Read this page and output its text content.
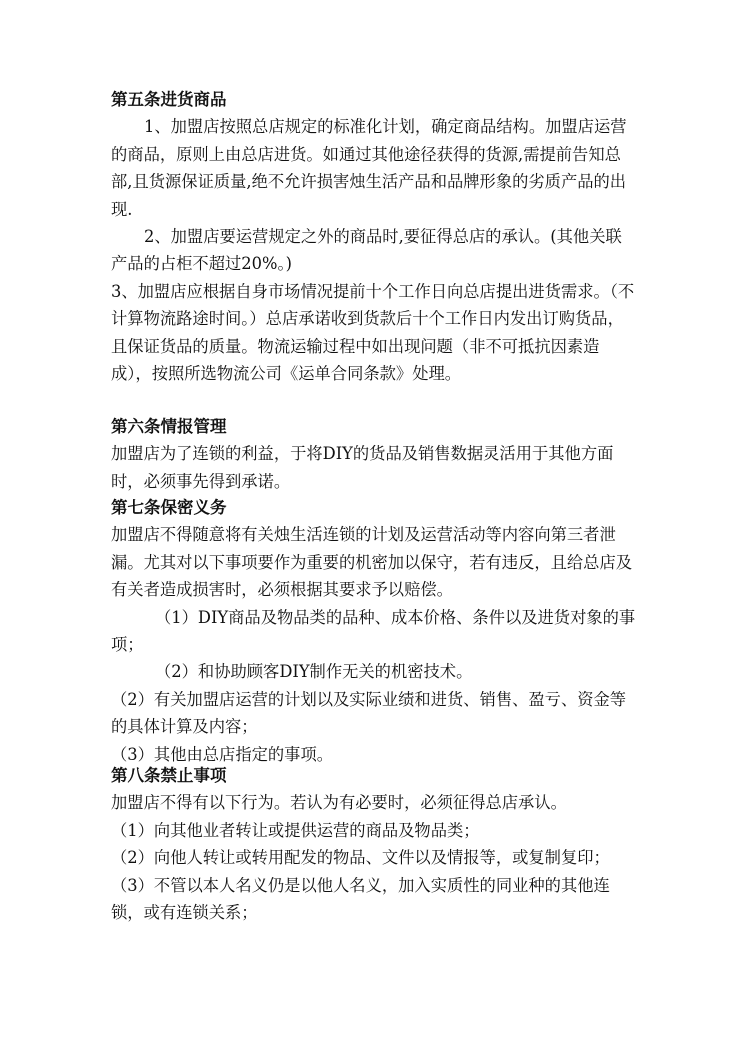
第五条进货商品

1、加盟店按照总店规定的标准化计划，确定商品结构。加盟店运营的商品，原则上由总店进货。如通过其他途径获得的货源,需提前告知总部,且货源保证质量,绝不允许损害烛生活产品和品牌形象的劣质产品的出现.

2、加盟店要运营规定之外的商品时,要征得总店的承认。(其他关联产品的占柜不超过20%。)

3、加盟店应根据自身市场情况提前十个工作日向总店提出进货需求。（不计算物流路途时间。）总店承诺收到货款后十个工作日内发出订购货品，且保证货品的质量。物流运输过程中如出现问题（非不可抵抗因素造成），按照所选物流公司《运单合同条款》处理。

第六条情报管理

加盟店为了连锁的利益，于将DIY的货品及销售数据灵活用于其他方面时，必须事先得到承诺。

第七条保密义务

加盟店不得随意将有关烛生活连锁的计划及运营活动等内容向第三者泄漏。尤其对以下事项要作为重要的机密加以保守，若有违反，且给总店及有关者造成损害时，必须根据其要求予以赔偿。

（1）DIY商品及物品类的品种、成本价格、条件以及进货对象的事项；

（2）和协助顾客DIY制作无关的机密技术。

（2）有关加盟店运营的计划以及实际业绩和进货、销售、盈亏、资金等的具体计算及内容；

（3）其他由总店指定的事项。

第八条禁止事项

加盟店不得有以下行为。若认为有必要时，必须征得总店承认。

（1）向其他业者转让或提供运营的商品及物品类；

（2）向他人转让或转用配发的物品、文件以及情报等，或复制复印；

（3）不管以本人名义仍是以他人名义，加入实质性的同业种的其他连锁，或有连锁关系；
